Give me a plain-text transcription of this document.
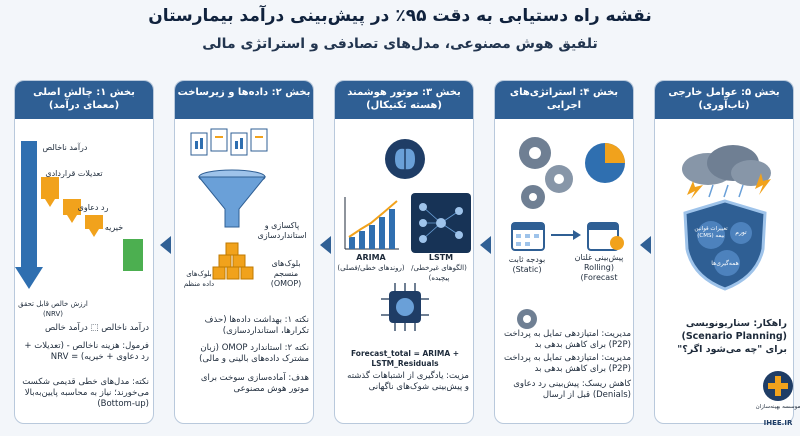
نقشه راه دستیابی به دقت ۹۵٪ در پیش‌بینی درآمد بیمارستان
تلفیق هوش مصنوعی، مدل‌های تصادفی و استراتژی مالی
بخش ۵: عوامل خارجی (تاب‌آوری)
تغییرات قوانین بیمه (CMS)	تورم
همه‌گیری‌ها
راهکار: سناریونویسی (Scenario Planning) برای "چه می‌شود اگر؟"
بخش ۴: استراتژی‌های اجرایی
بودجه ثابت (Static)
پیش‌بینی غلتان (Rolling Forecast)
مدیریت: امتیازدهی تمایل به پرداخت (P2P) برای کاهش بدهی بد
مدیریت: امتیازدهی تمایل به پرداخت (P2P) برای کاهش بدهی بد
کاهش ریسک: پیش‌بینی رد دعاوی (Denials) قبل از ارسال
بخش ۳: موتور هوشمند (هسته تکنیکال)
ARIMA
(روندهای خطی/فصلی)
LSTM
(الگوهای غیرخطی/پیچیده)
Forecast_total = ARIMA + LSTM_Residuals
مزیت: یادگیری از اشتباهات گذشته و پیش‌بینی شوک‌های ناگهانی
بخش ۲: داده‌ها و زیرساخت
پاکسازی و استانداردسازی
بلوک‌های منسجم (OMOP)
بلوک‌های داده منظم
نکته ۱: بهداشت داده‌ها (حذف تکرارها، استانداردسازی)
نکته ۲: استاندارد OMOP (زبان مشترک داده‌های بالینی و مالی)
هدف: آماده‌سازی سوخت برای موتور هوش مصنوعی
بخش ۱: چالش اصلی (معمای درآمد)
درآمد ناخالص
تعدیلات قراردادی
رد دعاوی
خیریه
ارزش خالص قابل تحقق (NRV)
درآمد ناخالص ⬚ درآمد خالص
فرمول: هزینه ناخالص - (تعدیلات + رد دعاوی + خیریه) = NRV
نکته: مدل‌های خطی قدیمی شکست می‌خورند؛ نیاز به محاسبه پایین‌به‌بالا (Bottom-up)	موسسه بهینه‌سازان
IHEE.IR
